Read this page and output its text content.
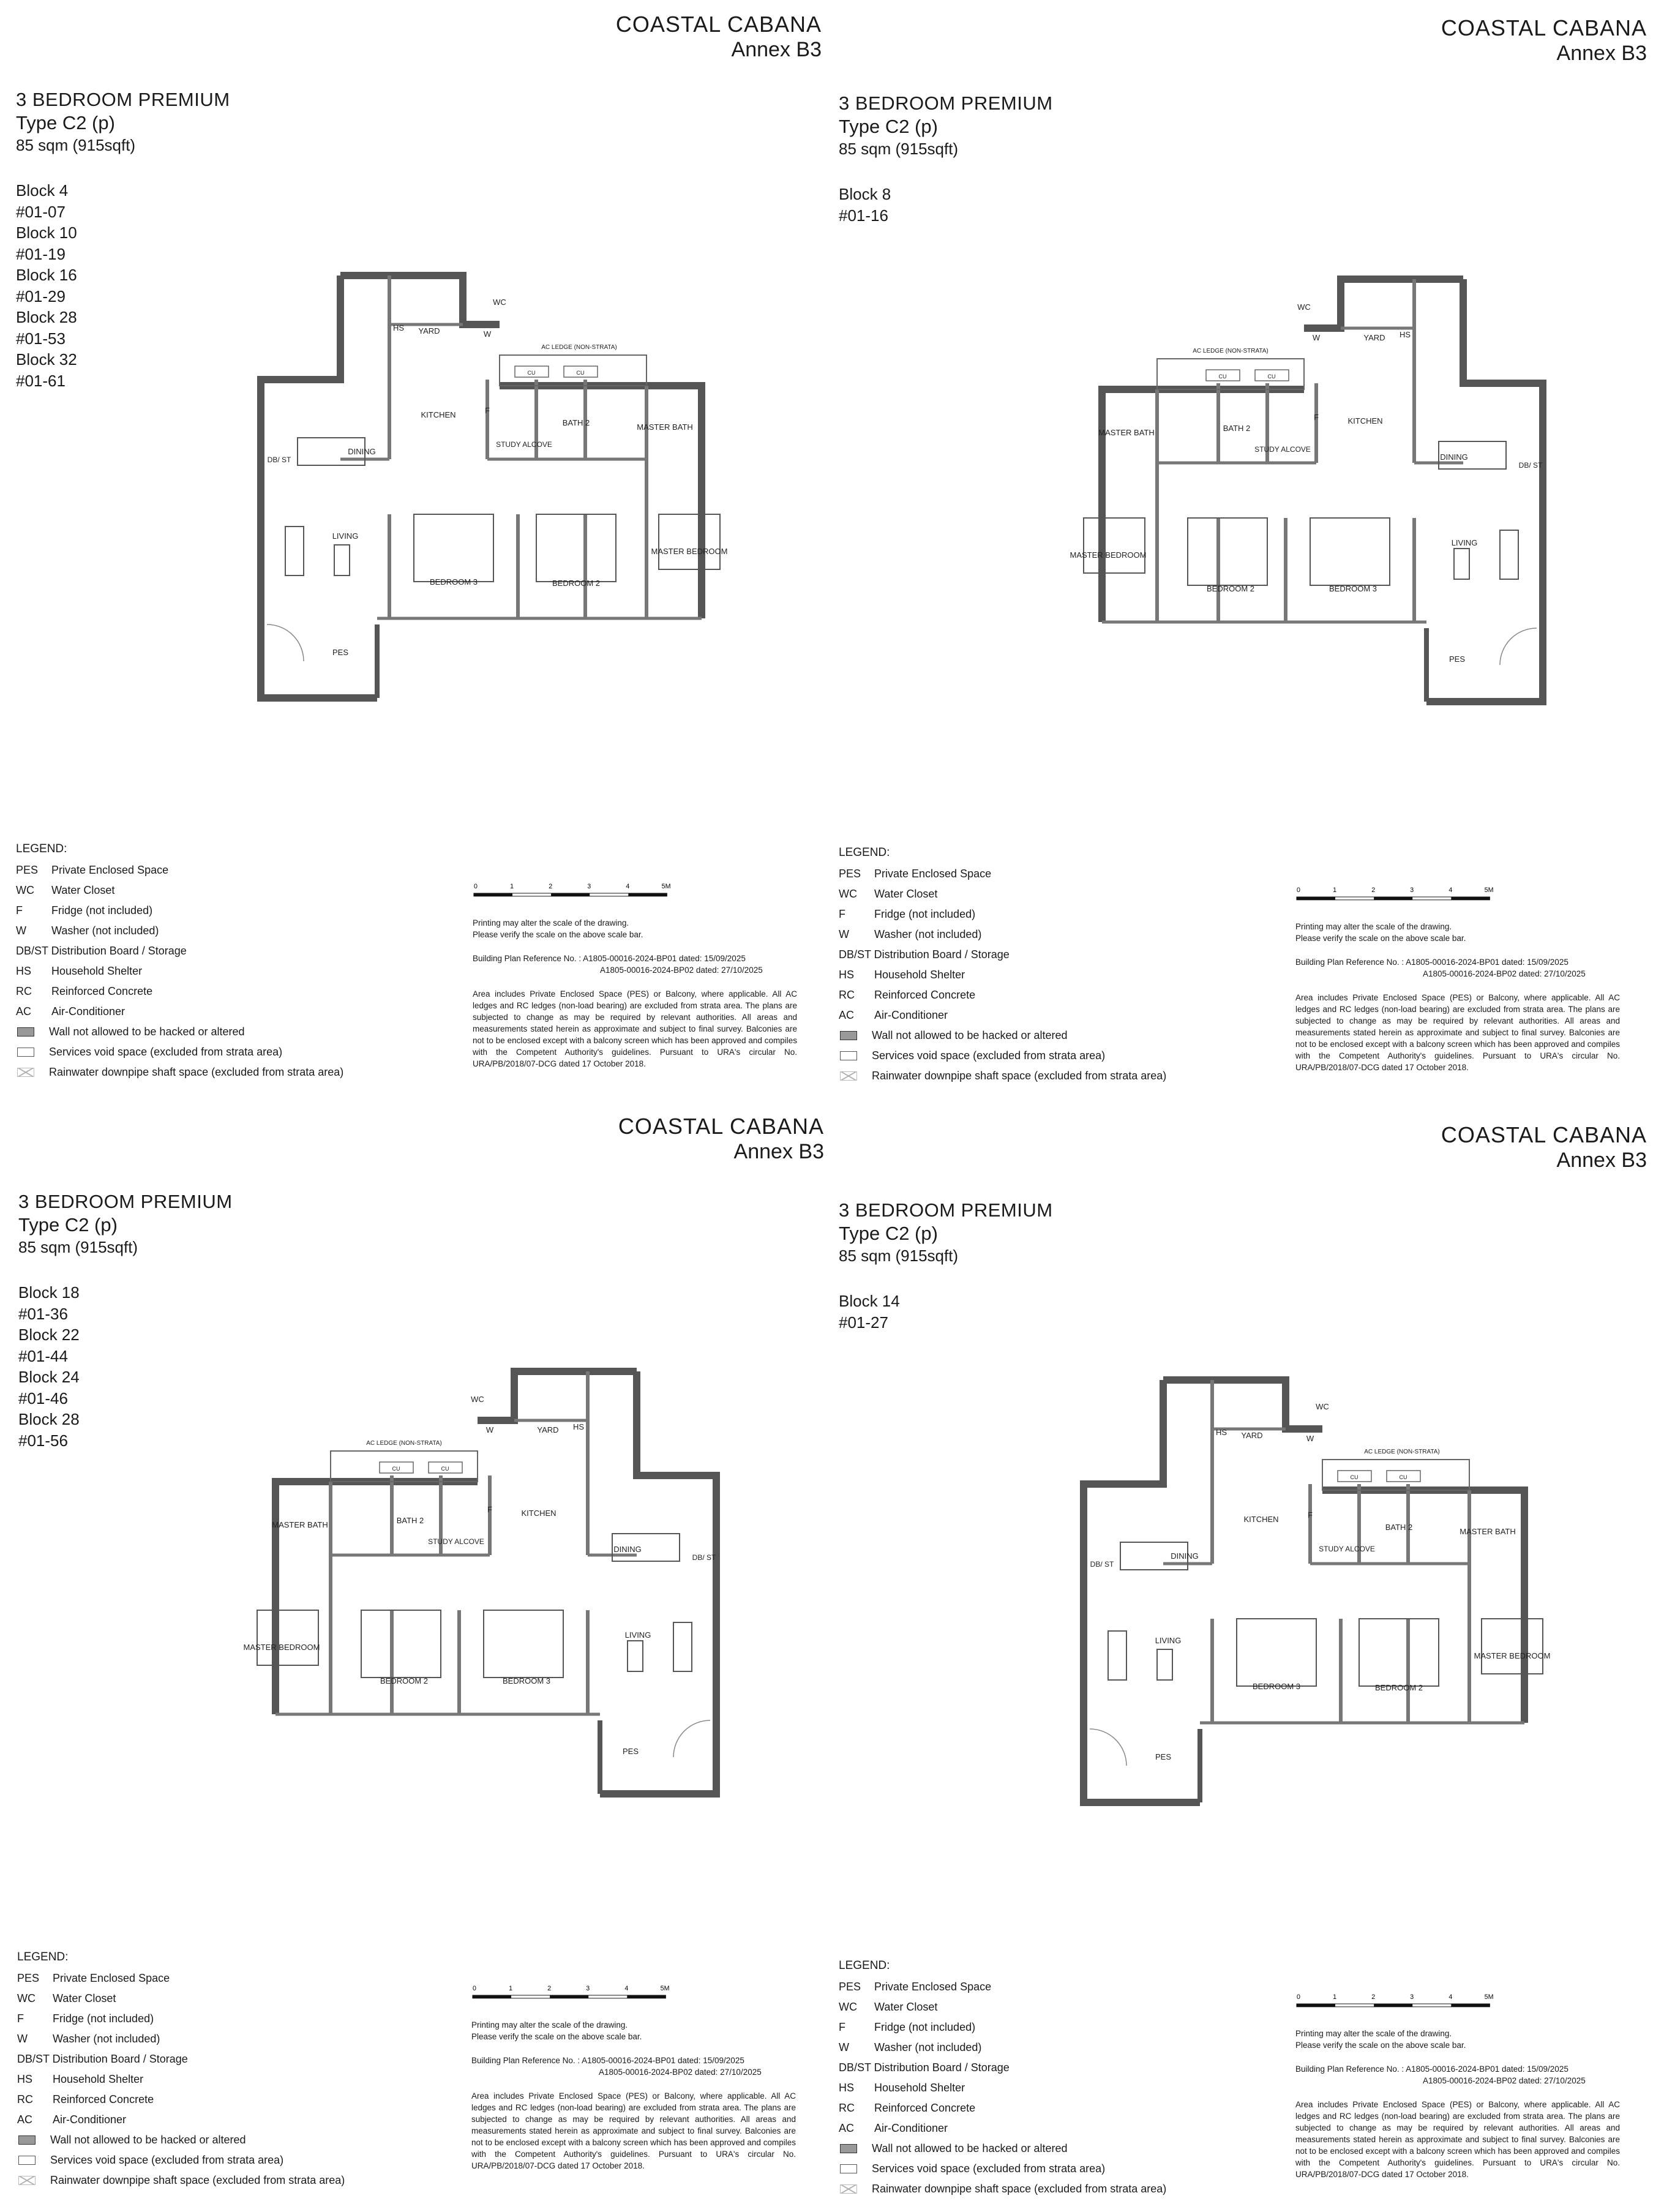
COASTAL CABANA
Annex B3
3 BEDROOM PREMIUM
Type C2 (p)
85 sqm (915sqft)
Block 4
#01-07
Block 10
#01-19
Block 16
#01-29
Block 28
#01-53
Block 32
#01-61
HS YARD
WC
W
AC LEDGE (NON-STRATA)
CU	CU
KITCHEN	F
BATH 2	MASTER BATH
STUDY ALCOVE
DINING
DB/ ST
LIVING
BEDROOM 3	BEDROOM 2
MASTER BEDROOM
PES
LEGEND:
PES	Private Enclosed Space
WC	Water Closet
F	Fridge (not included)
W	Washer (not included)
DB/ST Distribution Board / Storage
HS	Household Shelter
RC	Reinforced Concrete
AC	Air-Conditioner
Wall not allowed to be hacked or altered
Services void space (excluded from strata area)
Rainwater downpipe shaft space (excluded from strata area)
0	1	2	3	4	5M

Printing may alter the scale of the drawing.
Please verify the scale on the above scale bar.

Building Plan Reference No. : A1805-00016-2024-BP01 dated: 15/09/2025
A1805-00016-2024-BP02 dated: 27/10/2025

Area includes Private Enclosed Space (PES) or Balcony, where applicable. All AC ledges and RC ledges (non-load bearing) are excluded from strata area. The plans are subjected to change as may be required by relevant authorities. All areas and measurements stated herein as approximate and subject to final survey. Balconies are not to be enclosed except with a balcony screen which has been approved and compiles with the Competent Authority's guidelines. Pursuant to URA's circular No. URA/PB/2018/07-DCG dated 17 October 2018.

COASTAL CABANA
Annex B3
3 BEDROOM PREMIUM
Type C2 (p)
85 sqm (915sqft)
Block 8
#01-16
HS
YARD
WC
W
AC LEDGE (NON-STRATA)
CU	CU
KITCHEN
F
BATH 2
MASTER BATH
STUDY ALCOVE
DINING
DB/ ST
LIVING
BEDROOM 2	BEDROOM 3
MASTER BEDROOM
PES
LEGEND:
PES	Private Enclosed Space
WC	Water Closet
F	Fridge (not included)
W	Washer (not included)
DB/ST Distribution Board / Storage
HS	Household Shelter
RC	Reinforced Concrete
AC	Air-Conditioner
Wall not allowed to be hacked or altered
Services void space (excluded from strata area)
Rainwater downpipe shaft space (excluded from strata area)
0	1	2	3	4	5M

Printing may alter the scale of the drawing.
Please verify the scale on the above scale bar.

Building Plan Reference No. : A1805-00016-2024-BP01 dated: 15/09/2025
A1805-00016-2024-BP02 dated: 27/10/2025

Area includes Private Enclosed Space (PES) or Balcony, where applicable. All AC ledges and RC ledges (non-load bearing) are excluded from strata area. The plans are subjected to change as may be required by relevant authorities. All areas and measurements stated herein as approximate and subject to final survey. Balconies are not to be enclosed except with a balcony screen which has been approved and compiles with the Competent Authority's guidelines. Pursuant to URA's circular No. URA/PB/2018/07-DCG dated 17 October 2018.

COASTAL CABANA
Annex B3
3 BEDROOM PREMIUM
Type C2 (p)
85 sqm (915sqft)
Block 18
#01-36
Block 22
#01-44
Block 24
#01-46
Block 28
#01-56
HS
YARD
WC
W
AC LEDGE (NON-STRATA)
CU	CU
KITCHEN
F
BATH 2
MASTER BATH
STUDY ALCOVE
DINING
DB/ ST
LIVING
BEDROOM 2	BEDROOM 3
MASTER BEDROOM
PES
LEGEND:
PES	Private Enclosed Space
WC	Water Closet
F	Fridge (not included)
W	Washer (not included)
DB/ST Distribution Board / Storage
HS	Household Shelter
RC	Reinforced Concrete
AC	Air-Conditioner
Wall not allowed to be hacked or altered
Services void space (excluded from strata area)
Rainwater downpipe shaft space (excluded from strata area)
0	1	2	3	4	5M

Printing may alter the scale of the drawing.
Please verify the scale on the above scale bar.

Building Plan Reference No. : A1805-00016-2024-BP01 dated: 15/09/2025
A1805-00016-2024-BP02 dated: 27/10/2025

Area includes Private Enclosed Space (PES) or Balcony, where applicable. All AC ledges and RC ledges (non-load bearing) are excluded from strata area. The plans are subjected to change as may be required by relevant authorities. All areas and measurements stated herein as approximate and subject to final survey. Balconies are not to be enclosed except with a balcony screen which has been approved and compiles with the Competent Authority's guidelines. Pursuant to URA's circular No. URA/PB/2018/07-DCG dated 17 October 2018.

COASTAL CABANA
Annex B3
3 BEDROOM PREMIUM
Type C2 (p)
85 sqm (915sqft)
Block 14
#01-27
HS YARD
WC
W
AC LEDGE (NON-STRATA)
CU	CU
KITCHEN	F
BATH 2	MASTER BATH
STUDY ALCOVE
DINING
DB/ ST
LIVING
BEDROOM 3	BEDROOM 2
MASTER BEDROOM
PES
LEGEND:
PES	Private Enclosed Space
WC	Water Closet
F	Fridge (not included)
W	Washer (not included)
DB/ST Distribution Board / Storage
HS	Household Shelter
RC	Reinforced Concrete
AC	Air-Conditioner
Wall not allowed to be hacked or altered
Services void space (excluded from strata area)
Rainwater downpipe shaft space (excluded from strata area)
0	1	2	3	4	5M

Printing may alter the scale of the drawing.
Please verify the scale on the above scale bar.

Building Plan Reference No. : A1805-00016-2024-BP01 dated: 15/09/2025
A1805-00016-2024-BP02 dated: 27/10/2025

Area includes Private Enclosed Space (PES) or Balcony, where applicable. All AC ledges and RC ledges (non-load bearing) are excluded from strata area. The plans are subjected to change as may be required by relevant authorities. All areas and measurements stated herein as approximate and subject to final survey. Balconies are not to be enclosed except with a balcony screen which has been approved and compiles with the Competent Authority's guidelines. Pursuant to URA's circular No. URA/PB/2018/07-DCG dated 17 October 2018.
